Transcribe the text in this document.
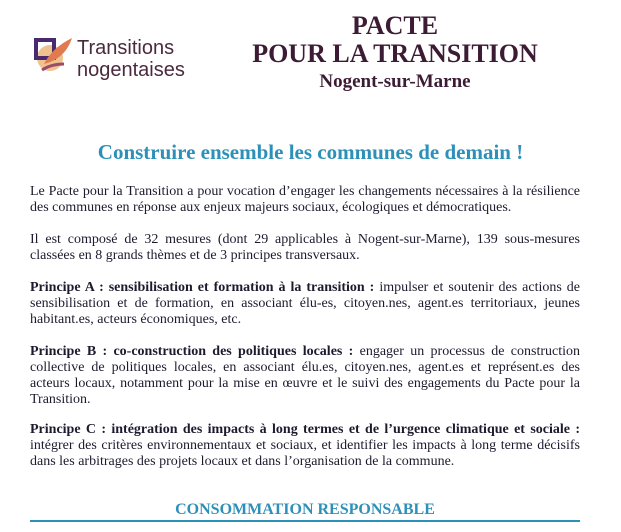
Transitions
nogentaises
PACTE
POUR LA TRANSITION
Nogent-sur-Marne
Construire ensemble les communes de demain !

Le Pacte pour la Transition a pour vocation d’engager les changements nécessaires à la résilience des communes en réponse aux enjeux majeurs sociaux, écologiques et démocratiques.

Il est composé de 32 mesures (dont 29 applicables à Nogent-sur-Marne), 139 sous-mesures classées en 8 grands thèmes et de 3 principes transversaux.

Principe A : sensibilisation et formation à la transition : impulser et soutenir des actions de sensibilisation et de formation, en associant élu-es, citoyen.nes, agent.es territoriaux, jeunes habitant.es, acteurs économiques, etc.

Principe B : co-construction des politiques locales : engager un processus de construction collective de politiques locales, en associant élu.es, citoyen.nes, agent.es et représent.es des acteurs locaux, notamment pour la mise en œuvre et le suivi des engagements du Pacte pour la Transition.

Principe C : intégration des impacts à long termes et de l’urgence climatique et sociale : intégrer des critères environnementaux et sociaux, et identifier les impacts à long terme décisifs dans les arbitrages des projets locaux et dans l’organisation de la commune.

CONSOMMATION RESPONSABLE
